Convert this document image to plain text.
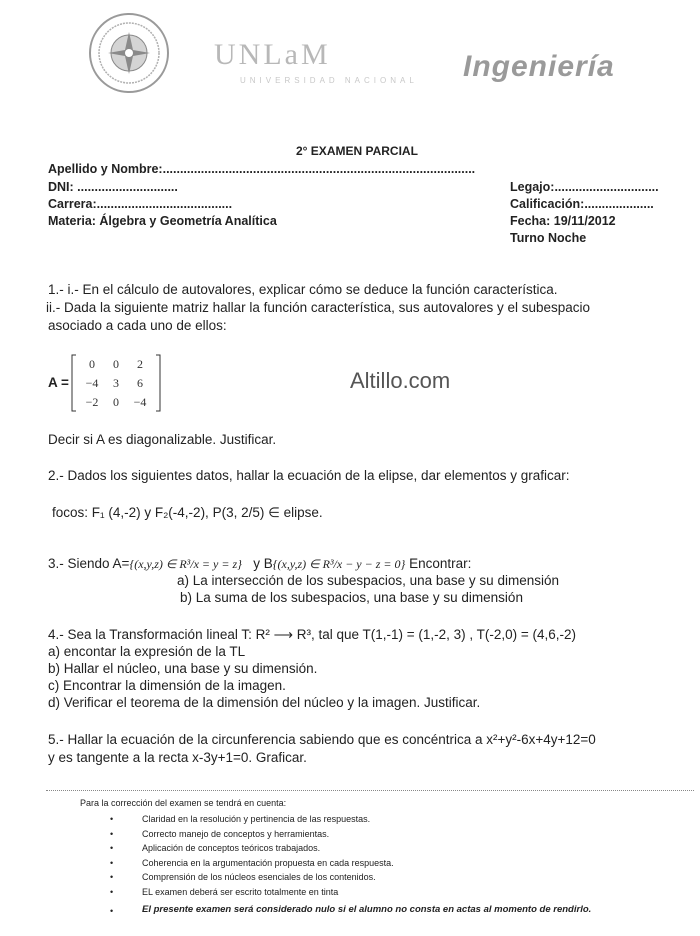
UNLaM
UNIVERSIDAD NACIONAL Ingeniería
2° EXAMEN PARCIAL
Apellido y Nombre:..........................................................................................
DNI: .............................
Carrera:.......................................
Materia: Álgebra y Geometría Analítica
Legajo:..............................
Calificación:....................
Fecha: 19/11/2012
Turno Noche
1.- i.- En el cálculo de autovalores, explicar cómo se deduce la función característica.
ii.- Dada la siguiente matriz hallar la función característica, sus autovalores y el subespacio
asociado a cada uno de ellos:
A =
0 0 2
−4 3 6
−2 0 −4
Altillo.com
Decir si A es diagonalizable. Justificar.
2.- Dados los siguientes datos, hallar la ecuación de la elipse, dar elementos y graficar:
focos: F₁ (4,-2) y F₂(-4,-2), P(3, 2/5) ∈ elipse.
3.- Siendo A={(x,y,z) ∈ R³/x = y = z} y B{(x,y,z) ∈ R³/x − y − z = 0} Encontrar:
a) La intersección de los subespacios, una base y su dimensión
b) La suma de los subespacios, una base y su dimensión
4.- Sea la Transformación lineal T: R² ⟶ R³, tal que T(1,-1) = (1,-2, 3) , T(-2,0) = (4,6,-2)
a) encontar la expresión de la TL
b) Hallar el núcleo, una base y su dimensión.
c) Encontrar la dimensión de la imagen.
d) Verificar el teorema de la dimensión del núcleo y la imagen. Justificar.
5.- Hallar la ecuación de la circunferencia sabiendo que es concéntrica a x²+y²-6x+4y+12=0
y es tangente a la recta x-3y+1=0. Graficar.
Para la corrección del examen se tendrá en cuenta:
•	Claridad en la resolución y pertinencia de las respuestas.
•	Correcto manejo de conceptos y herramientas.
•	Aplicación de conceptos teóricos trabajados.
•	Coherencia en la argumentación propuesta en cada respuesta.
•	Comprensión de los núcleos esenciales de los contenidos.
•	EL examen deberá ser escrito totalmente en tinta
•	El presente examen será considerado nulo si el alumno no consta en actas al momento de rendirlo.
